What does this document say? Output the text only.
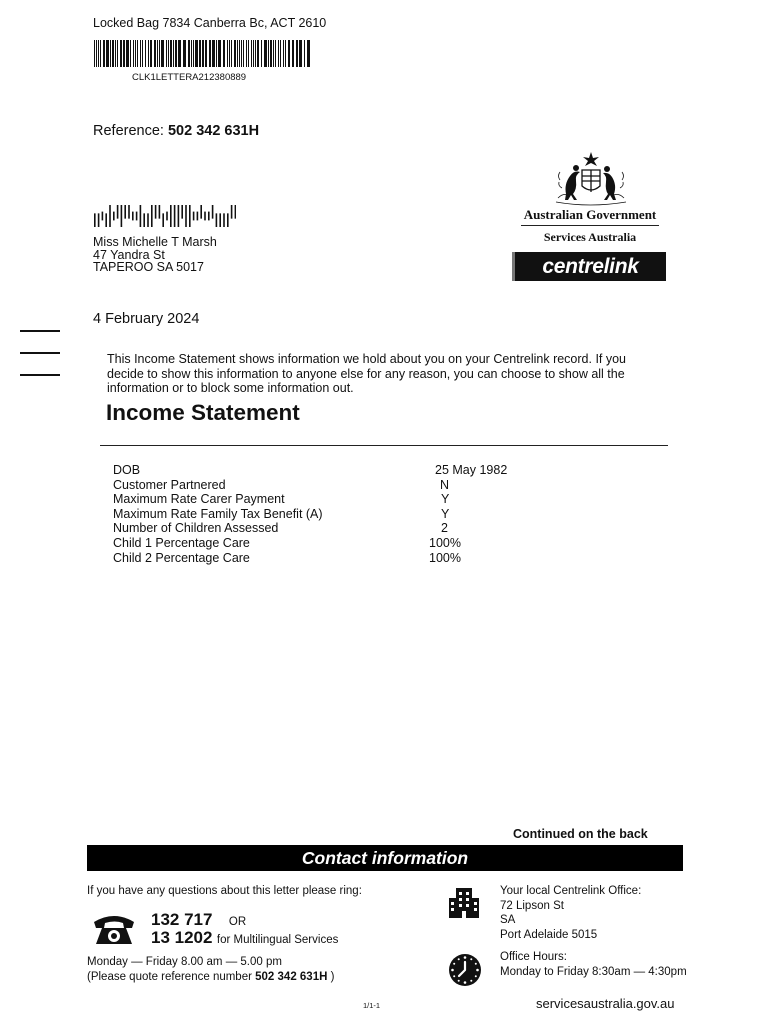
Locked Bag 7834 Canberra Bc, ACT 2610
CLK1LETTERA212380889
Reference: 502 342 631H
Miss Michelle T Marsh
47 Yandra St
TAPEROO SA 5017
Australian Government
Services Australia
centrelink
4 February 2024
This Income Statement shows information we hold about you on your Centrelink record. If you
decide to show this information to anyone else for any reason, you can choose to show all the
information or to block some information out.
Income Statement
DOB	25 May 1982
Customer Partnered	N
Maximum Rate Carer Payment	Y
Maximum Rate Family Tax Benefit (A)	Y
Number of Children Assessed	2
Child 1 Percentage Care	100%
Child 2 Percentage Care	100%
Continued on the back
Contact information
If you have any questions about this letter please ring:
132 717 OR
13 1202 for Multilingual Services
Monday — Friday 8.00 am — 5.00 pm
(Please quote reference number 502 342 631H )
Your local Centrelink Office:
72 Lipson St
SA
Port Adelaide 5015
Office Hours:
Monday to Friday 8:30am — 4:30pm
1/1-1	servicesaustralia.gov.au
